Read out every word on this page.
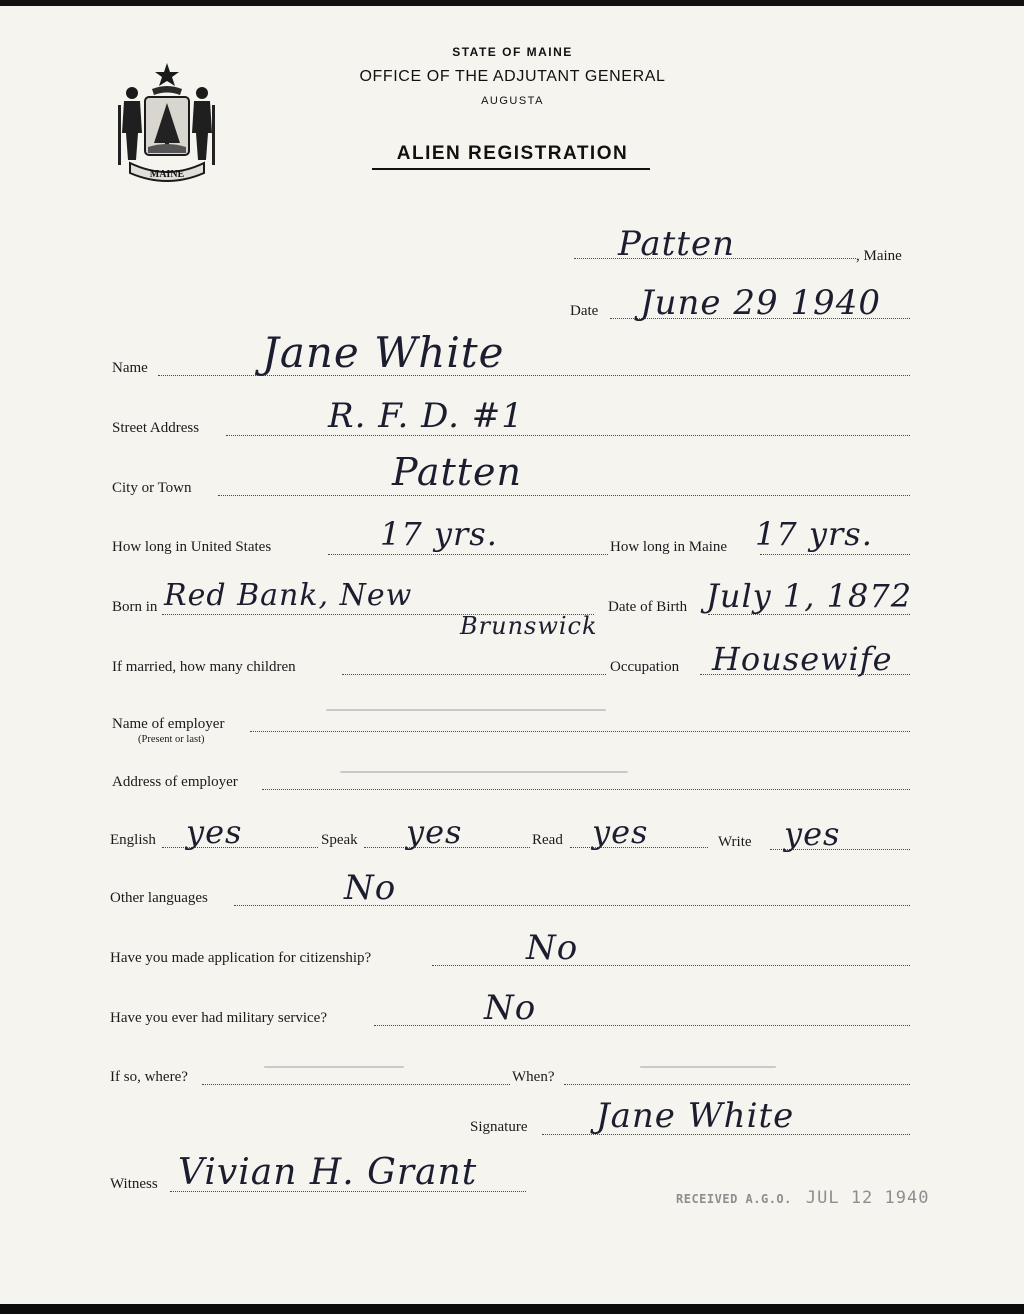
MAINE
STATE OF MAINE
OFFICE OF THE ADJUTANT GENERAL
AUGUSTA
ALIEN REGISTRATION
Patten	, Maine
Date June 29 1940
Name	Jane White
Street Address	R. F. D. #1
City or Town	Patten
How long in United States	17 yrs.	How long in Maine 17 yrs.
Born in Red Bank, New
Brunswick
Date of Birth July 1, 1872
If married, how many children	Occupation Housewife
Name of employer
(Present or last)
Address of employer
English yes	Speak yes	Read yes	Write yes
Other languages	No
Have you made application for citizenship?	No
Have you ever had military service?	No
If so, where?	When?
Signature Jane White
Witness Vivian H. Grant
RECEIVED A.G.O. JUL 12 1940
